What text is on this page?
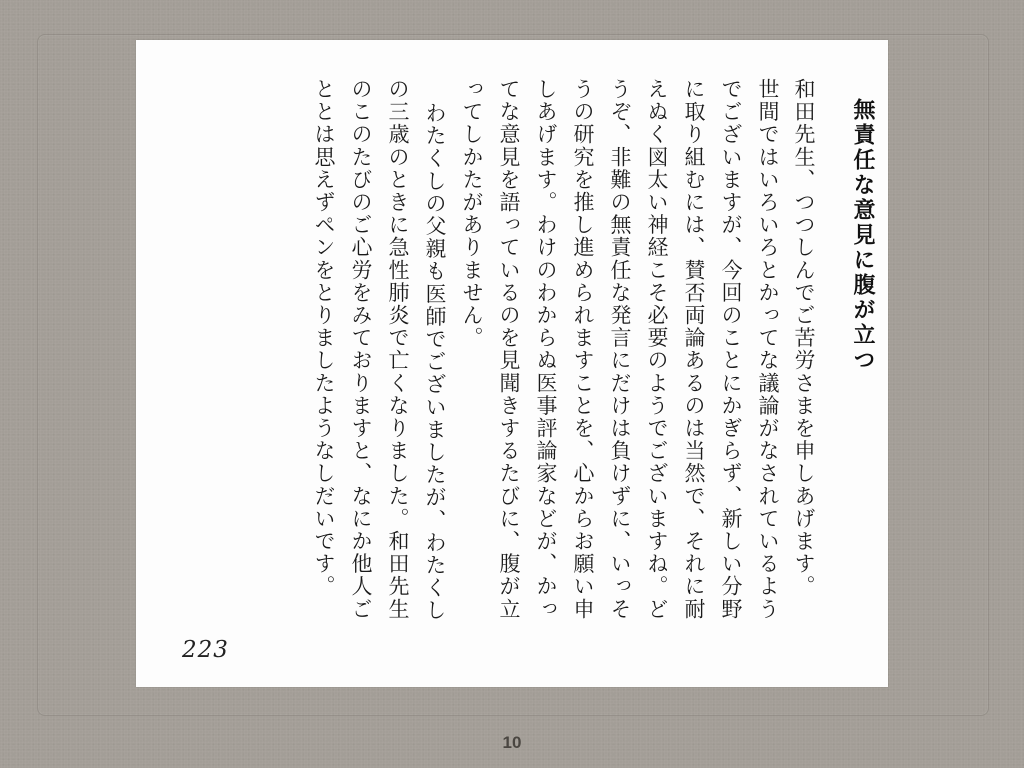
無責任な意見に腹が立つ
和田先生、つつしんでご苦労さまを申しあげます。
世間ではいろいろとかってな議論がなされているよう
でございますが、今回のことにかぎらず、新しい分野
に取り組むには、賛否両論あるのは当然で、それに耐
えぬく図太い神経こそ必要のようでございますね。ど
うぞ、非難の無責任な発言にだけは負けずに、いっそ
うの研究を推し進められますことを、心からお願い申
しあげます。わけのわからぬ医事評論家などが、かっ
てな意見を語っているのを見聞きするたびに、腹が立
ってしかたがありません。
わたくしの父親も医師でございましたが、わたくし
の三歳のときに急性肺炎で亡くなりました。和田先生
のこのたびのご心労をみておりますと、なにか他人ご
ととは思えずペンをとりましたようなしだいです。
223
10
